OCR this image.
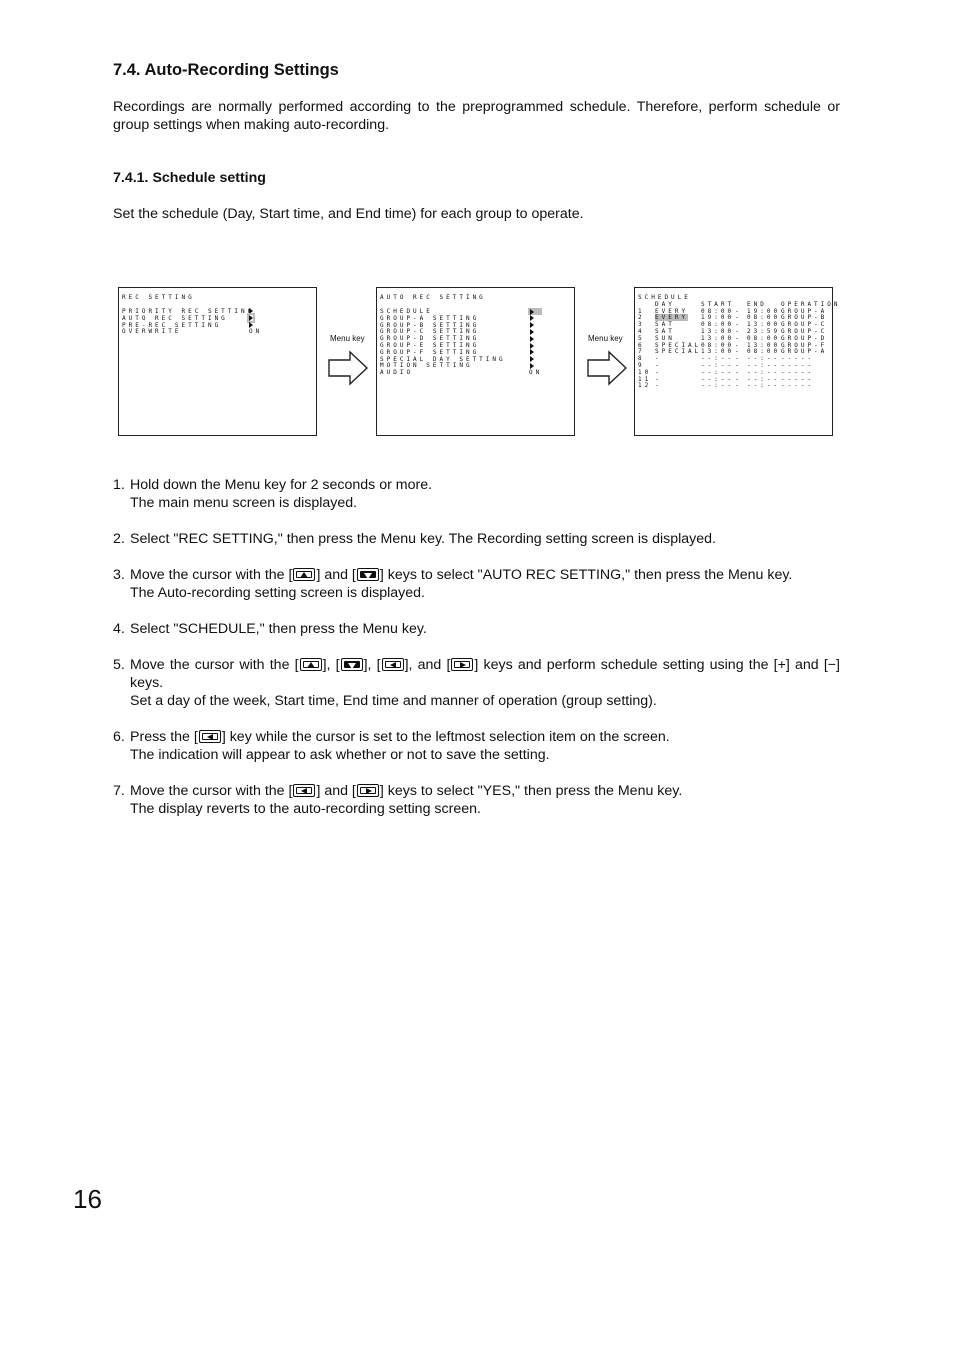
7.4. Auto-Recording Settings
Recordings are normally performed according to the preprogrammed schedule. Therefore, perform schedule or group settings when making auto-recording.
7.4.1. Schedule setting
Set the schedule (Day, Start time, and End time) for each group to operate.
REC SETTING
PRIORITY REC SETTING
AUTO REC SETTING
PRE-REC SETTING
OVERWRITE	ON
Menu key
AUTO REC SETTING
SCHEDULE
GROUP-A SETTING
GROUP-B SETTING
GROUP-C SETTING
GROUP-D SETTING
GROUP-E SETTING
GROUP-F SETTING
SPECIAL DAY SETTING
MOTION SETTING
AUDIO	ON
Menu key
SCHEDULE
DAY	START END OPERATION
1 EVERY 08:00 19:00 GROUP-A
-
2 EVERY 19:00 08:00 GROUP-B
-
3 SAT	08:00 13:00 GROUP-C
-
4 SAT	13:00 23:59 GROUP-C
-
5 SUN	13:00 08:00 GROUP-D
-
6 SPECIAL 08:00 13:00 GROUP-F
-
7 SPECIAL 13:00 08:00 GROUP-A
-
8 -	--:-- --:-- -----
-
9 -	--:-- --:-- -----
-
10 -	--:-- --:-- -----
-
11 -	--:-- --:-- -----
-
12 -	--:-- --:-- -----
-
1. Hold down the Menu key for 2 seconds or more.
The main menu screen is displayed.
2. Select "REC SETTING," then press the Menu key. The Recording setting screen is displayed.
3. Move the cursor with the [ ] and [ ] keys to select "AUTO REC SETTING," then press the Menu key.
The Auto-recording setting screen is displayed.
4. Select "SCHEDULE," then press the Menu key.
5. Move the cursor with the [ ], [ ], [ ], and [ ] keys and perform schedule setting using the [+] and [−] keys.
Set a day of the week, Start time, End time and manner of operation (group setting).
6. Press the [ ] key while the cursor is set to the leftmost selection item on the screen.
The indication will appear to ask whether or not to save the setting.
7. Move the cursor with the [ ] and [ ] keys to select "YES," then press the Menu key.
The display reverts to the auto-recording setting screen.
16
